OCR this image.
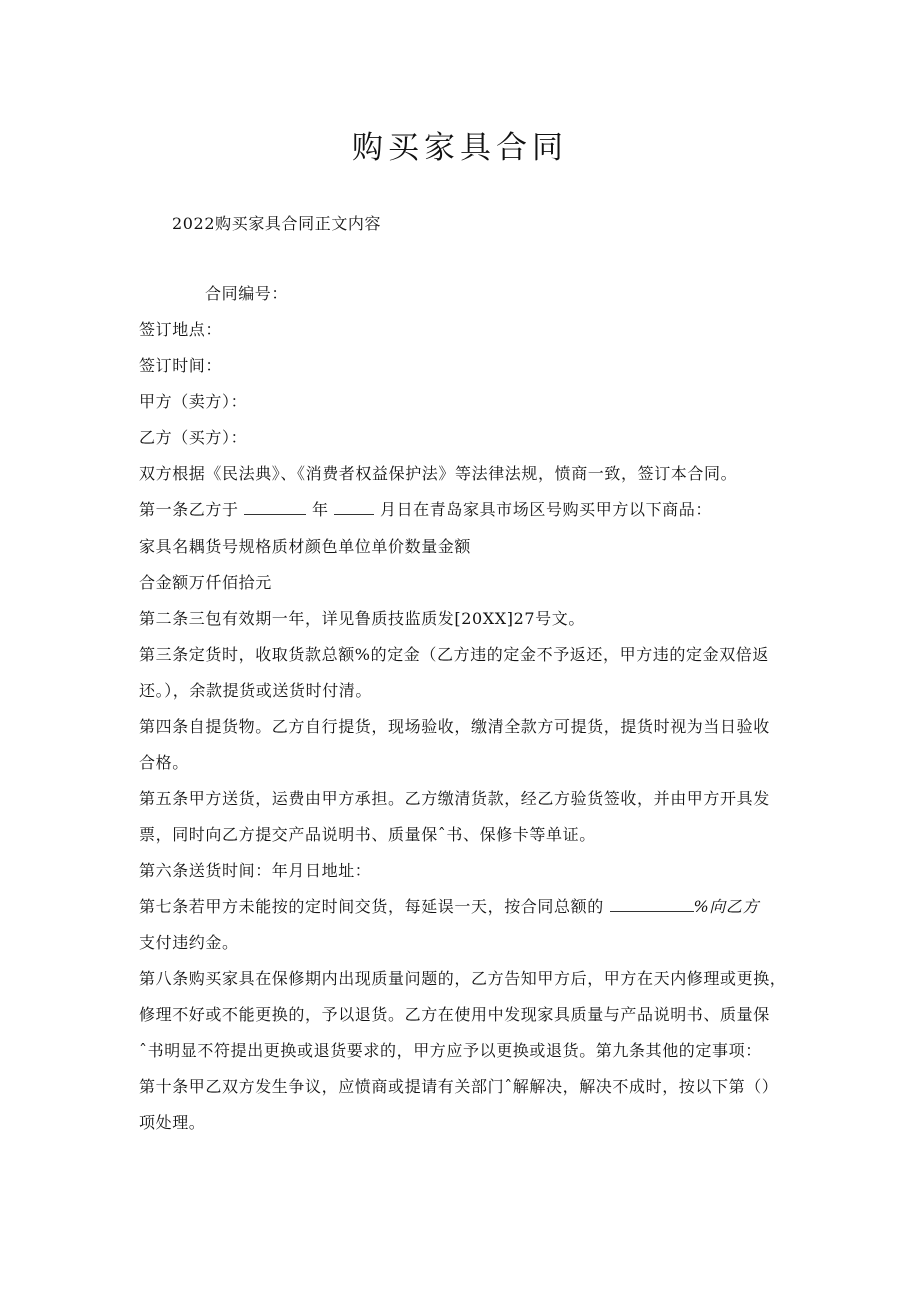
购买家具合同
2022购买家具合同正文内容
合同编号：
签订地点：
签订时间：
甲方（卖方）：
乙方（买方）：
双方根据《民法典》、《消费者权益保护法》等法律法规，愤商一致，签订本合同。
第一条乙方于	年	月日在青岛家具市场区号购买甲方以下商品：
家具名耦货号规格质材颜色单位单价数量金额
合金额万仟佰拾元
第二条三包有效期一年，详见鲁质技监质发[20XX]27号文。
第三条定货时，收取货款总额%的定金（乙方违的定金不予返还，甲方违的定金双倍返
还。），余款提货或送货时付清。
第四条自提货物。乙方自行提货，现场验收，缴清全款方可提货，提货时视为当日验收
合格。
第五条甲方送货，运费由甲方承担。乙方缴清货款，经乙方验货签收，并由甲方开具发
票，同时向乙方提交产品说明书、质量保ˆ书、保修卡等单证。
第六条送货时间：年月日地址：
第七条若甲方未能按的定时间交货，每延误一天，按合同总额的	%向乙方
支付违约金。
第八条购买家具在保修期内出现质量问题的，乙方告知甲方后，甲方在天内修理或更换，
修理不好或不能更换的，予以退货。乙方在使用中发现家具质量与产品说明书、质量保
ˆ书明显不符提出更换或退货要求的，甲方应予以更换或退货。第九条其他的定事项：
第十条甲乙双方发生争议，应愤商或提请有关部门ˆ解解决，解决不成时，按以下第（）
项处理。
